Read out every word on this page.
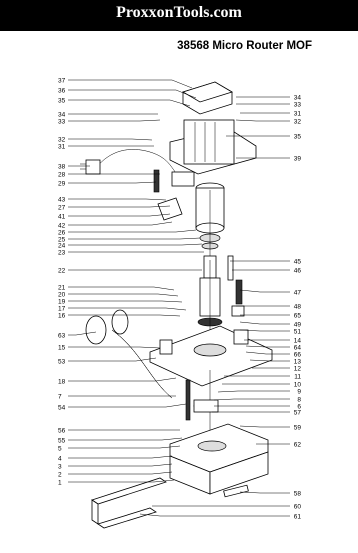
ProxxonTools.com
38568 Micro Router MOF
37
36
35
34
33
32
31
38
28
29
43
27
41
42
26
25
24
23
22
21
20
19
17
16
63
15
53
18
7
54
56
55
5
4
3
2
1
34
33
31
32
35
39
45
46
47
48
65
49
51
14
64
66
13
12
11
10
9
8
6
57
59
62
58
60
61
